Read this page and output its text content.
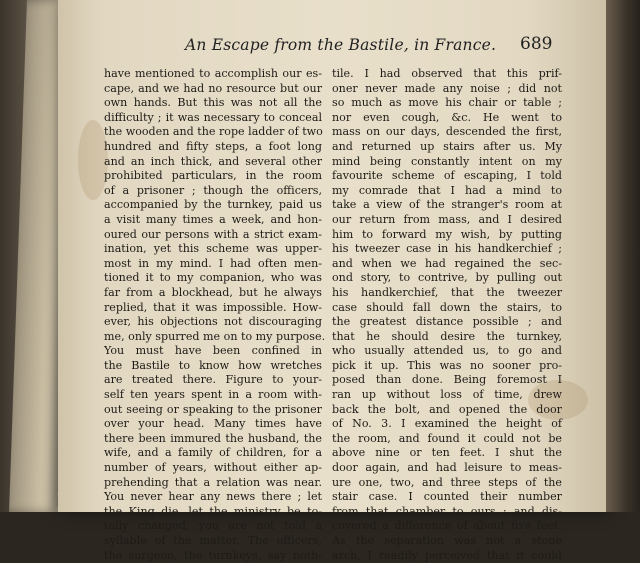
An Escape from the Bastile, in France.	689
have mentioned to accomplish our es-
cape, and we had no resource but our
own hands. But this was not all the
difficulty ; it was necessary to conceal
the wooden and the rope ladder of two
hundred and fifty steps, a foot long
and an inch thick, and several other
prohibited particulars, in the room
of a prisoner ; though the officers,
accompanied by the turnkey, paid us
a visit many times a week, and hon-
oured our persons with a strict exam-
ination, yet this scheme was upper-
most in my mind. I had often men-
tioned it to my companion, who was
far from a blockhead, but he always
replied, that it was impossible. How-
ever, his objections not discouraging
me, only spurred me on to my purpose.
You must have been confined in
the Bastile to know how wretches
are treated there. Figure to your-
self ten years spent in a room with-
out seeing or speaking to the prisoner
over your head. Many times have
there been immured the husband, the
wife, and a family of children, for a
number of years, without either ap-
prehending that a relation was near.
You never hear any news there ; let
the King die, let the ministry be to-
tally changed, you are not told a
syllable of the matter. The officers,
the surgeon, the turnkeys, say noth-
tile. I had observed that this prif-
oner never made any noise ; did not
so much as move his chair or table ;
nor even cough, &c. He went to
mass on our days, descended the first,
and returned up stairs after us. My
mind being constantly intent on my
favourite scheme of escaping, I told
my comrade that I had a mind to
take a view of the stranger's room at
our return from mass, and I desired
him to forward my wish, by putting
his tweezer case in his handkerchief ;
and when we had regained the sec-
ond story, to contrive, by pulling out
his handkerchief, that the tweezer
case should fall down the stairs, to
the greatest distance possible ; and
that he should desire the turnkey,
who usually attended us, to go and
pick it up. This was no sooner pro-
posed than done. Being foremost I
ran up without loss of time, drew
back the bolt, and opened the door
of No. 3. I examined the height of
the room, and found it could not be
above nine or ten feet. I shut the
door again, and had leisure to meas-
ure one, two, and three steps of the
stair case. I counted their number
from that chamber to ours ; and dis-
covered a difference of about five feet.
As the separation was not a stone
arch, I readily perceived that it could
